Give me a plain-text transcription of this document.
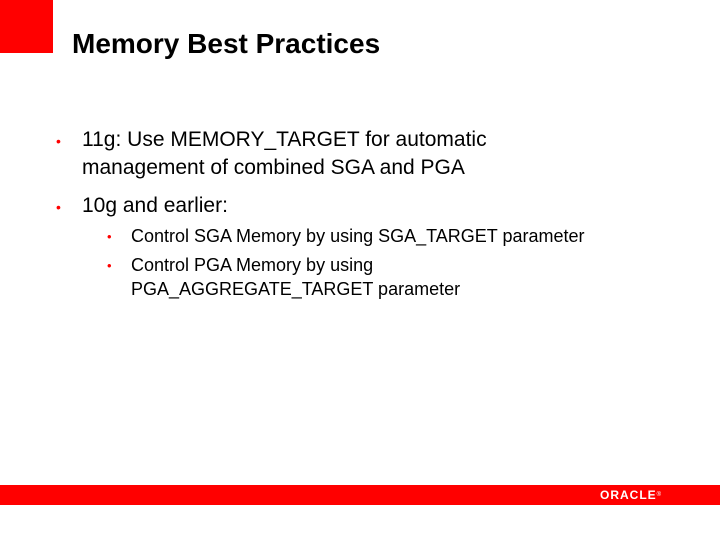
Memory Best Practices
• 11g: Use MEMORY_TARGET for automatic
management of combined SGA and PGA
• 10g and earlier:
• Control SGA Memory by using SGA_TARGET parameter
• Control PGA Memory by using
PGA_AGGREGATE_TARGET parameter
ORACLE®
